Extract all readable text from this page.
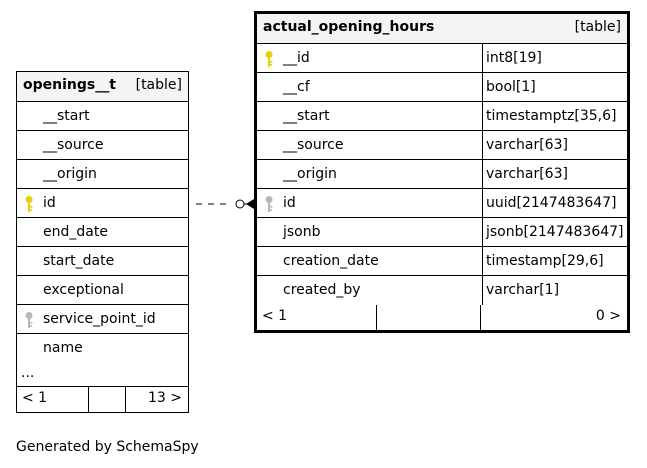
openings__t [table]
__start
__source
__origin
id
end_date
start_date
exceptional
service_point_id
name
...
< 1	13 >
actual_opening_hours	[table]
__id	int8[19]
__cf	bool[1]
__start	timestamptz[35,6]
__source	varchar[63]
__origin	varchar[63]
id	uuid[2147483647]
jsonb	jsonb[2147483647]
creation_date	timestamp[29,6]
created_by	varchar[1]
< 1	0 >
Generated by SchemaSpy
